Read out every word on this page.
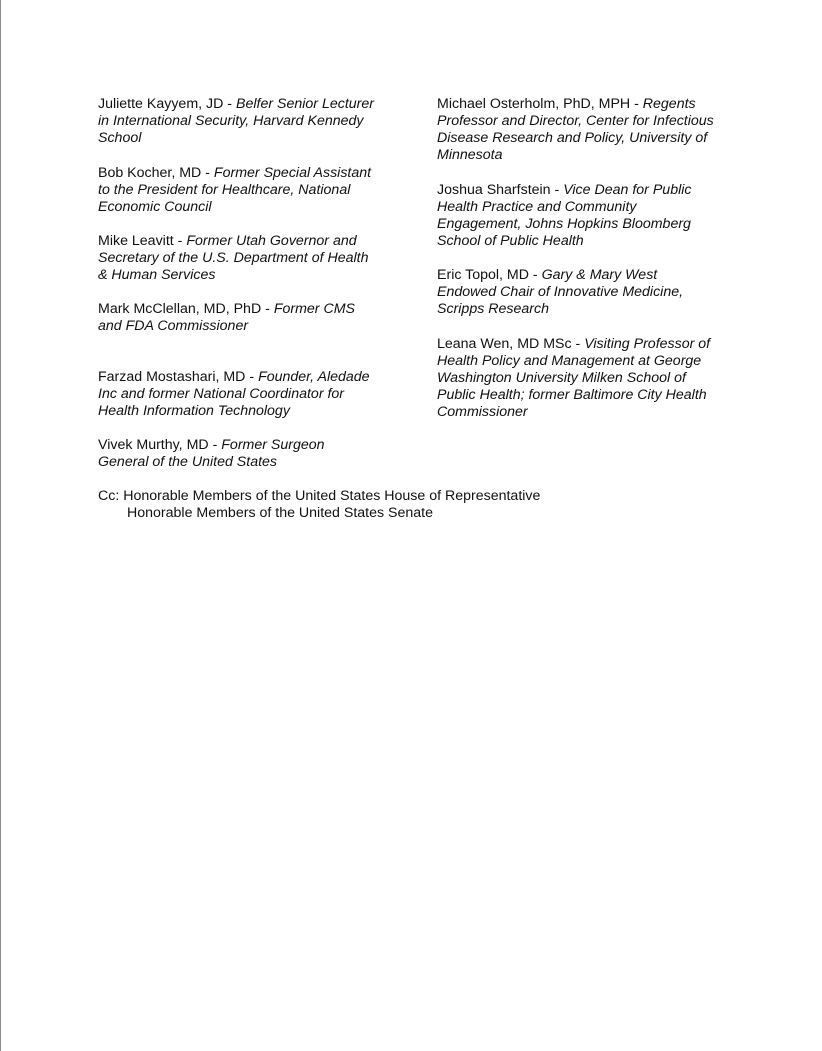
Juliette Kayyem, JD - Belfer Senior Lecturer
in International Security, Harvard Kennedy
School
Bob Kocher, MD - Former Special Assistant
to the President for Healthcare, National
Economic Council
Mike Leavitt - Former Utah Governor and
Secretary of the U.S. Department of Health
& Human Services
Mark McClellan, MD, PhD - Former CMS
and FDA Commissioner
Farzad Mostashari, MD - Founder, Aledade
Inc and former National Coordinator for
Health Information Technology
Vivek Murthy, MD - Former Surgeon
General of the United States
Michael Osterholm, PhD, MPH - Regents
Professor and Director, Center for Infectious
Disease Research and Policy, University of
Minnesota
Joshua Sharfstein - Vice Dean for Public
Health Practice and Community
Engagement, Johns Hopkins Bloomberg
School of Public Health
Eric Topol, MD - Gary & Mary West
Endowed Chair of Innovative Medicine,
Scripps Research
Leana Wen, MD MSc - Visiting Professor of
Health Policy and Management at George
Washington University Milken School of
Public Health; former Baltimore City Health
Commissioner
Cc: Honorable Members of the United States House of Representative
Honorable Members of the United States Senate
